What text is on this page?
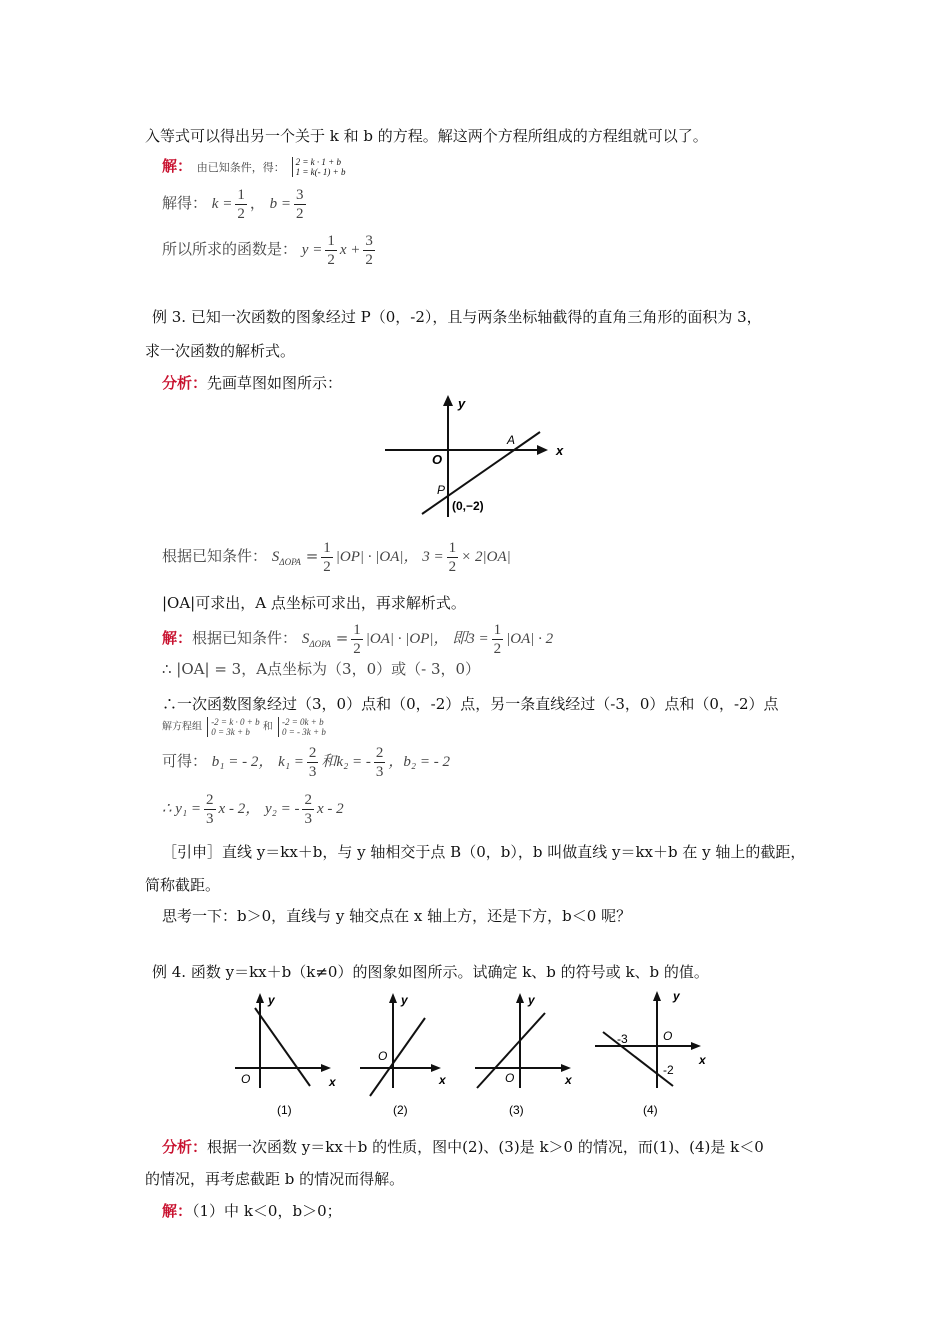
入等式可以得出另一个关于 k 和 b 的方程。解这两个方程所组成的方程组就可以了。
解： 由已知条件，得： 2 = k · 1 + b
1 = k(- 1) + b
解得： $k = \frac{1}{2}$ ， $b = \frac{3}{2}$
所以所求的函数是： $y = \frac{1}{2}$ $x + \frac{3}{2}$
例 3. 已知一次函数的图象经过 P（0，-2），且与两条坐标轴截得的直角三角形的面积为 3，
求一次函数的解析式。
分析：先画草图如图所示：
y
x
O
A
P
(0,−2)
根据已知条件： $S_{\Delta OPA} = \frac{1}{2} |OP| \cdot |OA|$， $3 = \frac{1}{2} \times 2|OA|$
|OA|可求出，A 点坐标可求出，再求解析式。
解：根据已知条件： $S_{\Delta OPA} = \frac{1}{2} |OA| \cdot |OP|$， 即$3 = \frac{1}{2} |OA| \cdot 2$
∴ |OA| = 3，A点坐标为（3，0）或（- 3，0）
∴一次函数图象经过（3，0）点和（0，-2）点，另一条直线经过（-3，0）点和（0，-2）点
解方程组 -2 = k · 0 + b
0 = 3k + b	和 -2 = 0k + b
0 = - 3k + b
可得： b₁ = - 2， $k_1 = \frac{2}{3}$ 和k₂ = - $\frac{2}{3}$ ，b₂ = - 2
∴ $y_1 = \frac{2}{3}$ x - 2， y₂ = - $\frac{2}{3}$ x - 2
［引申］直线 y＝kx＋b，与 y 轴相交于点 B（0，b），b 叫做直线 y＝kx＋b 在 y 轴上的截距，
简称截距。
思考一下：b＞0，直线与 y 轴交点在 x 轴上方，还是下方，b＜0 呢？
例 4. 函数 y＝kx＋b（k≠0）的图象如图所示。试确定 k、b 的符号或 k、b 的值。
y
x
O
(1)
y
x
O
(2)
y
x
O
(3)
y
x
O
-3
-2
(4)
分析：根据一次函数 y＝kx＋b 的性质，图中(2)、(3)是 k＞0 的情况，而(1)、(4)是 k＜0
的情况，再考虑截距 b 的情况而得解。
解：（1）中 k＜0，b＞0；
